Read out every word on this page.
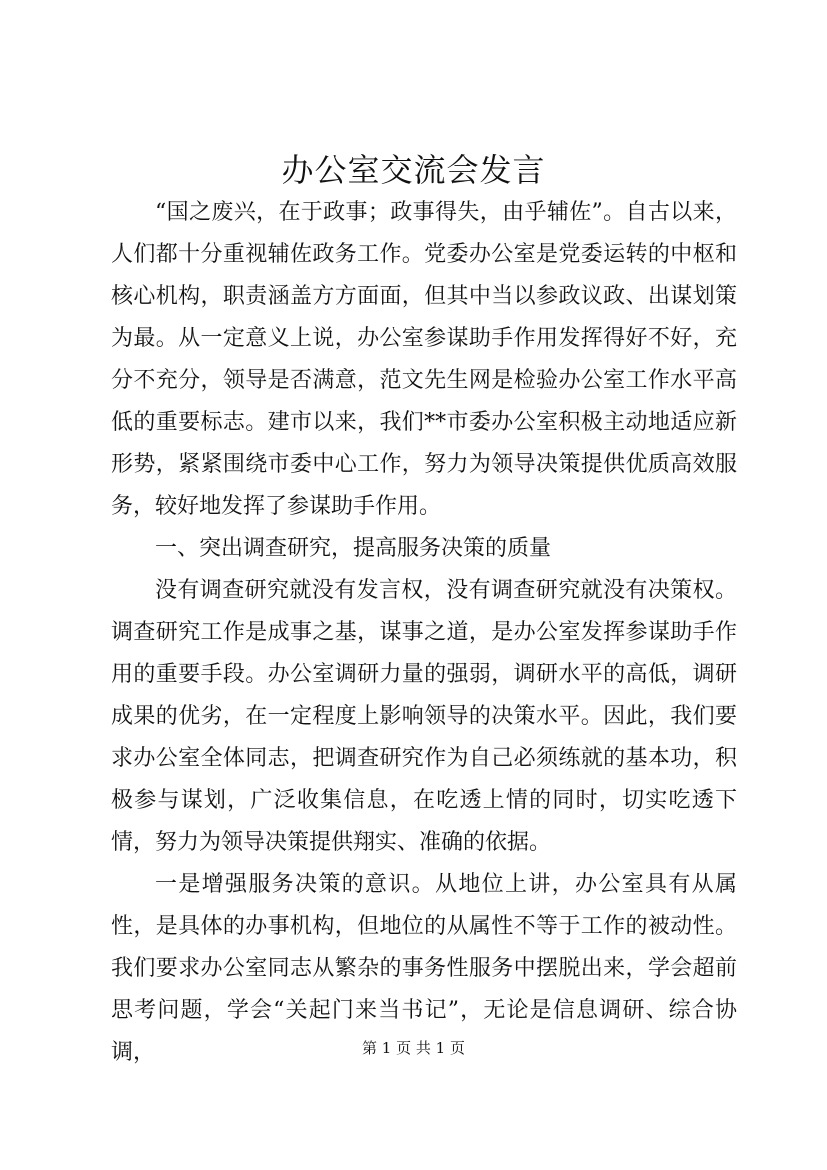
办公室交流会发言

“国之废兴，在于政事；政事得失，由乎辅佐”。自古以来，人们都十分重视辅佐政务工作。党委办公室是党委运转的中枢和核心机构，职责涵盖方方面面，但其中当以参政议政、出谋划策为最。从一定意义上说，办公室参谋助手作用发挥得好不好，充分不充分，领导是否满意，范文先生网是检验办公室工作水平高低的重要标志。建市以来，我们**市委办公室积极主动地适应新形势，紧紧围绕市委中心工作，努力为领导决策提供优质高效服务，较好地发挥了参谋助手作用。

一、突出调查研究，提高服务决策的质量

没有调查研究就没有发言权，没有调查研究就没有决策权。调查研究工作是成事之基，谋事之道，是办公室发挥参谋助手作用的重要手段。办公室调研力量的强弱，调研水平的高低，调研成果的优劣，在一定程度上影响领导的决策水平。因此，我们要求办公室全体同志，把调查研究作为自己必须练就的基本功，积极参与谋划，广泛收集信息，在吃透上情的同时，切实吃透下情，努力为领导决策提供翔实、准确的依据。

一是增强服务决策的意识。从地位上讲，办公室具有从属性，是具体的办事机构，但地位的从属性不等于工作的被动性。我们要求办公室同志从繁杂的事务性服务中摆脱出来，学会超前思考问题，学会“关起门来当书记”，无论是信息调研、综合协调，	第 1 页 共 1 页
